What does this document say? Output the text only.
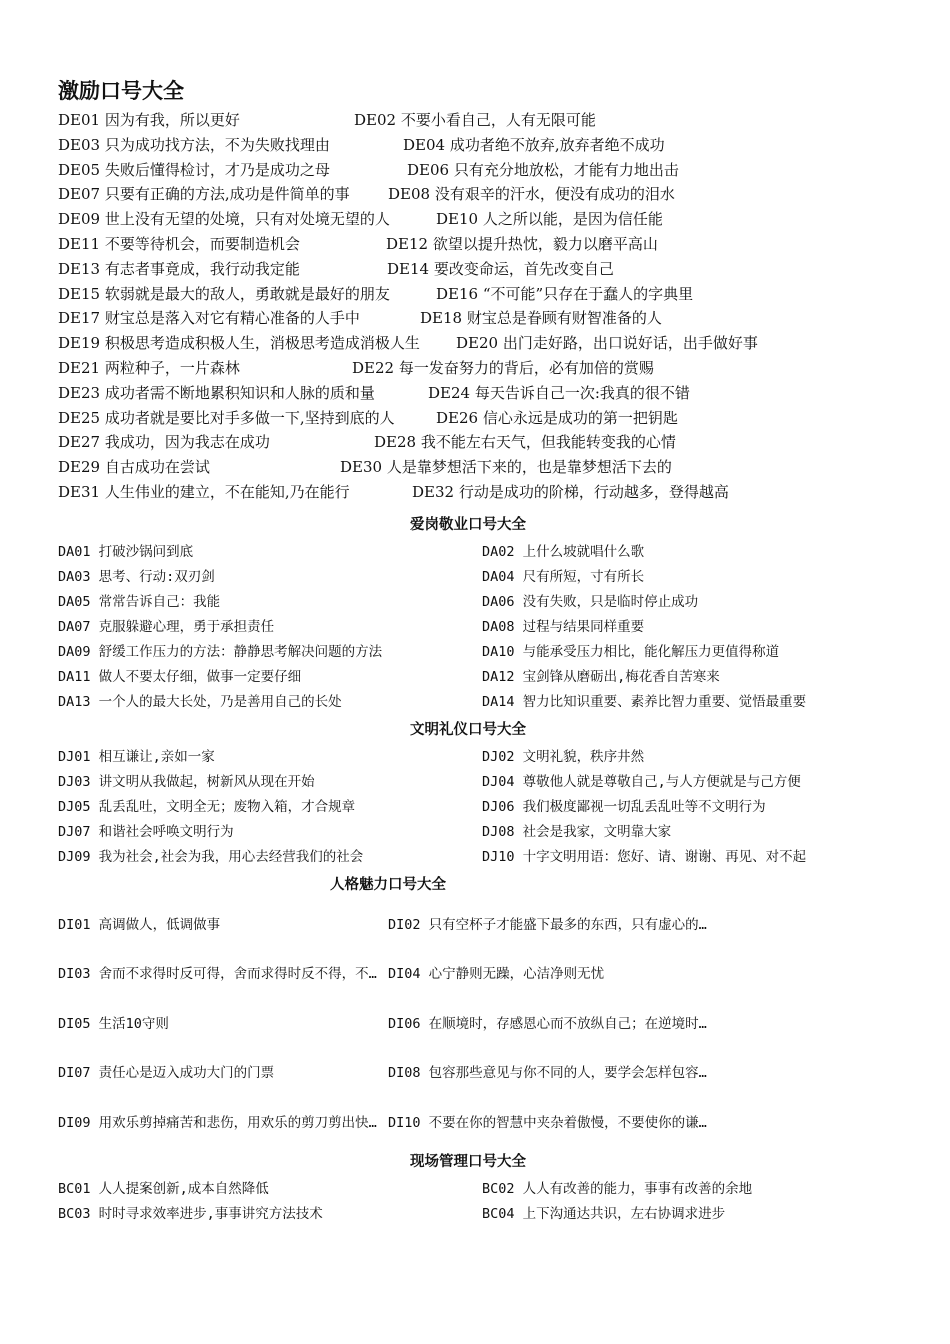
激励口号大全
DE01 因为有我，所以更好	DE02 不要小看自己，人有无限可能
DE03 只为成功找方法，不为失败找理由	DE04 成功者绝不放弃,放弃者绝不成功
DE05 失败后懂得检讨，才乃是成功之母	DE06 只有充分地放松，才能有力地出击
DE07 只要有正确的方法,成功是件简单的事	DE08 没有艰辛的汗水，便没有成功的泪水
DE09 世上没有无望的处境，只有对处境无望的人	DE10 人之所以能，是因为信任能
DE11 不要等待机会，而要制造机会	DE12 欲望以提升热忱，毅力以磨平高山
DE13 有志者事竟成，我行动我定能	DE14 要改变命运，首先改变自己
DE15 软弱就是最大的敌人，勇敢就是最好的朋友	DE16 “不可能”只存在于蠢人的字典里
DE17 财宝总是落入对它有精心准备的人手中	DE18 财宝总是眷顾有财智准备的人
DE19 积极思考造成积极人生，消极思考造成消极人生 DE20 出门走好路，出口说好话，出手做好事
DE21 两粒种子，一片森林	DE22 每一发奋努力的背后，必有加倍的赏赐
DE23 成功者需不断地累积知识和人脉的质和量	DE24 每天告诉自己一次:我真的很不错
DE25 成功者就是要比对手多做一下,坚持到底的人	DE26 信心永远是成功的第一把钥匙
DE27 我成功，因为我志在成功	DE28 我不能左右天气，但我能转变我的心情
DE29 自古成功在尝试	DE30 人是靠梦想活下来的，也是靠梦想活下去的
DE31 人生伟业的建立，不在能知,乃在能行	DE32 行动是成功的阶梯，行动越多，登得越高
爱岗敬业口号大全
DA01 打破沙锅问到底	DA02 上什么坡就唱什么歌
DA03 思考、行动:双刃剑	DA04 尺有所短，寸有所长
DA05 常常告诉自己：我能	DA06 没有失败，只是临时停止成功
DA07 克服躲避心理，勇于承担责任	DA08 过程与结果同样重要
DA09 舒缓工作压力的方法：静静思考解决问题的方法	DA10 与能承受压力相比，能化解压力更值得称道
DA11 做人不要太仔细，做事一定要仔细	DA12 宝剑锋从磨砺出,梅花香自苦寒来
DA13 一个人的最大长处，乃是善用自己的长处	DA14 智力比知识重要、素养比智力重要、觉悟最重要
文明礼仪口号大全
DJ01 相互谦让,亲如一家	DJ02 文明礼貌，秩序井然
DJ03 讲文明从我做起，树新风从现在开始	DJ04 尊敬他人就是尊敬自己,与人方便就是与己方便
DJ05 乱丢乱吐，文明全无；废物入箱，才合规章	DJ06 我们极度鄙视一切乱丢乱吐等不文明行为
DJ07 和谐社会呼唤文明行为	DJ08 社会是我家，文明靠大家
DJ09 我为社会,社会为我，用心去经营我们的社会	DJ10 十字文明用语：您好、请、谢谢、再见、对不起
人格魅力口号大全
DI01 高调做人，低调做事	DI02 只有空杯子才能盛下最多的东西，只有虚心的…
DI03 舍而不求得时反可得，舍而求得时反不得，不… DI04 心宁静则无躁，心洁净则无忧
DI05 生活10守则	DI06 在顺境时，存感恩心而不放纵自己；在逆境时…
DI07 责任心是迈入成功大门的门票	DI08 包容那些意见与你不同的人，要学会怎样包容…
DI09 用欢乐剪掉痛苦和悲伤，用欢乐的剪刀剪出快… DI10 不要在你的智慧中夹杂着傲慢，不要使你的谦…
现场管理口号大全
BC01 人人提案创新,成本自然降低	BC02 人人有改善的能力，事事有改善的余地
BC03 时时寻求效率进步,事事讲究方法技术	BC04 上下沟通达共识，左右协调求进步
